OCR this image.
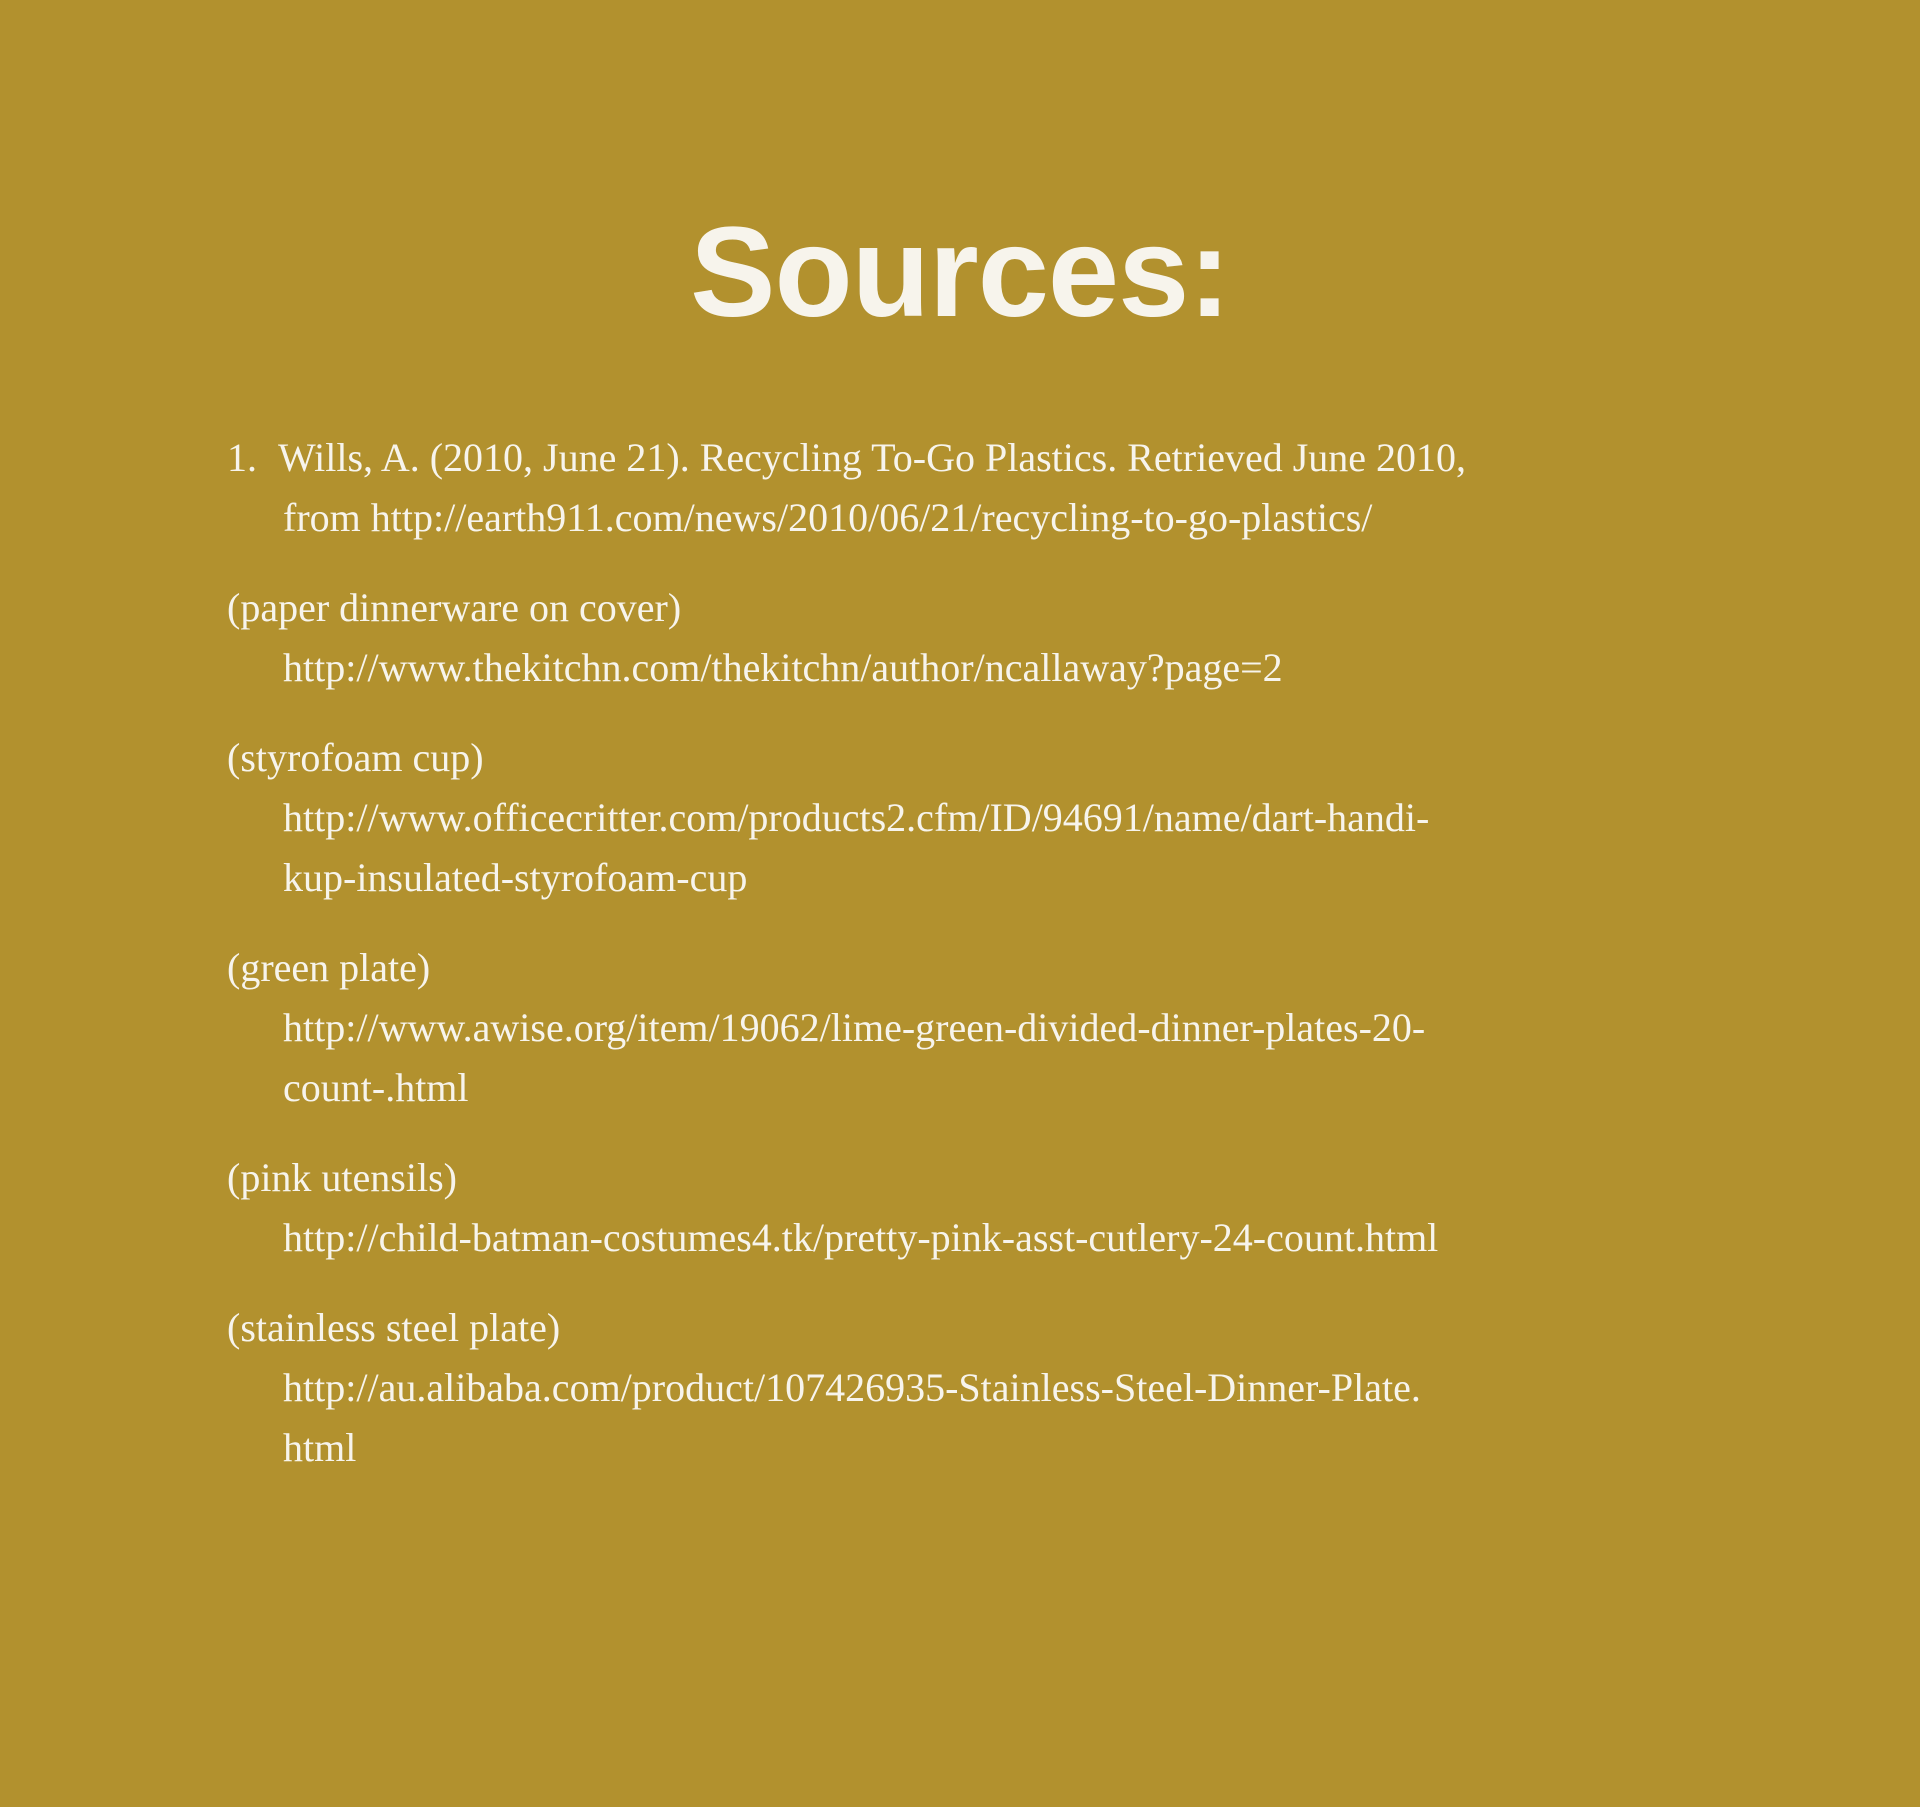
Sources:
1. Wills, A. (2010, June 21). Recycling To-Go Plastics. Retrieved June 2010,
from http://earth911.com/news/2010/06/21/recycling-to-go-plastics/
(paper dinnerware on cover)
http://www.thekitchn.com/thekitchn/author/ncallaway?page=2
(styrofoam cup)
http://www.officecritter.com/products2.cfm/ID/94691/name/dart-handi-
kup-insulated-styrofoam-cup
(green plate)
http://www.awise.org/item/19062/lime-green-divided-dinner-plates-20-
count-.html
(pink utensils)
http://child-batman-costumes4.tk/pretty-pink-asst-cutlery-24-count.html
(stainless steel plate)
http://au.alibaba.com/product/107426935-Stainless-Steel-Dinner-Plate.
html
